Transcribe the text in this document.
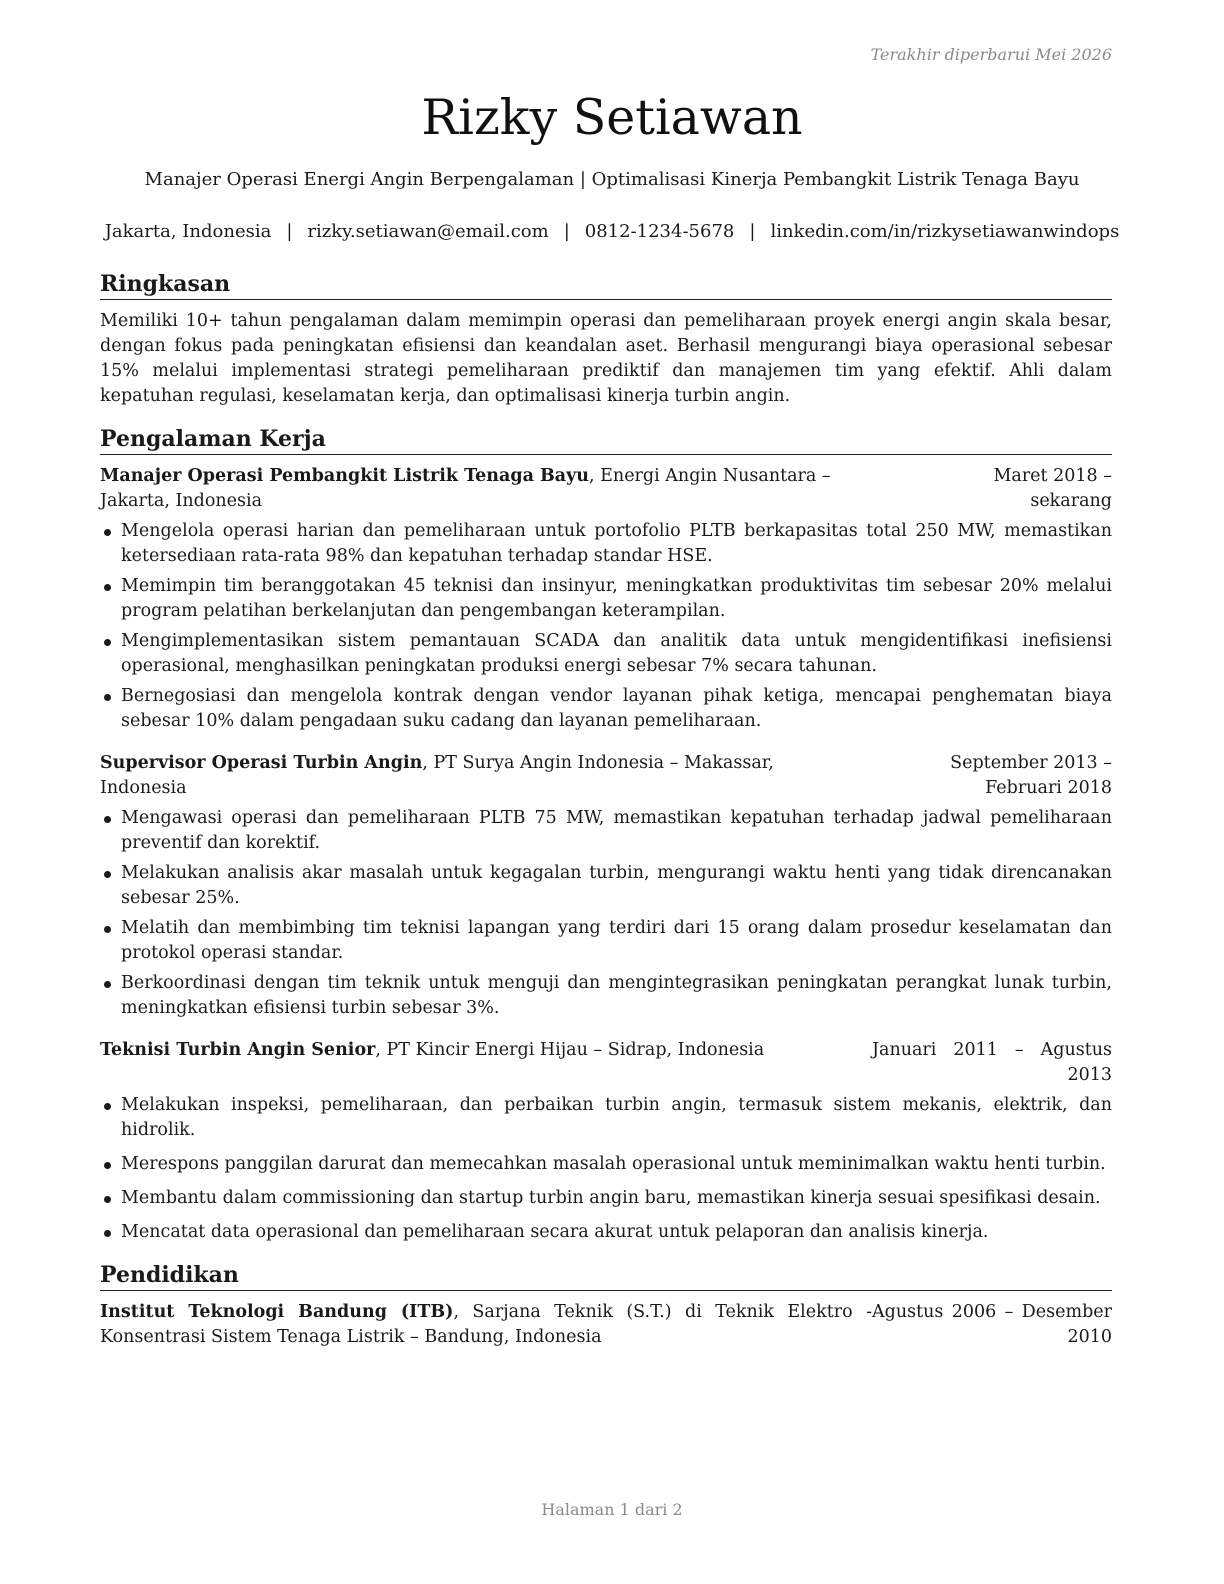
Terakhir diperbarui Mei 2026
Rizky Setiawan
Manajer Operasi Energi Angin Berpengalaman | Optimalisasi Kinerja Pembangkit Listrik Tenaga Bayu
Jakarta, Indonesia | rizky.setiawan@email.com | 0812-1234-5678 | linkedin.com/in/rizkysetiawanwindops
Ringkasan

Memiliki 10+ tahun pengalaman dalam memimpin operasi dan pemeliharaan proyek energi angin skala besar, dengan fokus pada peningkatan efisiensi dan keandalan aset. Berhasil mengurangi biaya operasional sebesar 15% melalui implementasi strategi pemeliharaan prediktif dan manajemen tim yang efektif. Ahli dalam kepatuhan regulasi, keselamatan kerja, dan optimalisasi kinerja turbin angin.

Pengalaman Kerja
Manajer Operasi Pembangkit Listrik Tenaga Bayu, Energi Angin Nusantara – Jakarta, Indonesia
Maret 2018 – sekarang
Mengelola operasi harian dan pemeliharaan untuk portofolio PLTB berkapasitas total 250 MW, memastikan ketersediaan rata-rata 98% dan kepatuhan terhadap standar HSE.
Memimpin tim beranggotakan 45 teknisi dan insinyur, meningkatkan produktivitas tim sebesar 20% melalui program pelatihan berkelanjutan dan pengembangan keterampilan.
Mengimplementasikan sistem pemantauan SCADA dan analitik data untuk mengidentifikasi inefisiensi operasional, menghasilkan peningkatan produksi energi sebesar 7% secara tahunan.
Bernegosiasi dan mengelola kontrak dengan vendor layanan pihak ketiga, mencapai penghematan biaya sebesar 10% dalam pengadaan suku cadang dan layanan pemeliharaan.
Supervisor Operasi Turbin Angin, PT Surya Angin Indonesia – Makassar, Indonesia
September 2013 – Februari 2018
Mengawasi operasi dan pemeliharaan PLTB 75 MW, memastikan kepatuhan terhadap jadwal pemeliharaan preventif dan korektif.
Melakukan analisis akar masalah untuk kegagalan turbin, mengurangi waktu henti yang tidak direncanakan sebesar 25%.
Melatih dan membimbing tim teknisi lapangan yang terdiri dari 15 orang dalam prosedur keselamatan dan protokol operasi standar.
Berkoordinasi dengan tim teknik untuk menguji dan mengintegrasikan peningkatan perangkat lunak turbin, meningkatkan efisiensi turbin sebesar 3%.
Teknisi Turbin Angin Senior, PT Kincir Energi Hijau – Sidrap, Indonesia	Januari 2011 – Agustus 2013
Melakukan inspeksi, pemeliharaan, dan perbaikan turbin angin, termasuk sistem mekanis, elektrik, dan hidrolik.
Merespons panggilan darurat dan memecahkan masalah operasional untuk meminimalkan waktu henti turbin.
Membantu dalam commissioning dan startup turbin angin baru, memastikan kinerja sesuai spesifikasi desain.
Mencatat data operasional dan pemeliharaan secara akurat untuk pelaporan dan analisis kinerja.
Pendidikan
Institut Teknologi Bandung (ITB), Sarjana Teknik (S.T.) di Teknik Elektro - Konsentrasi Sistem Tenaga Listrik – Bandung, Indonesia
Agustus 2006 – Desember 2010
Halaman 1 dari 2
